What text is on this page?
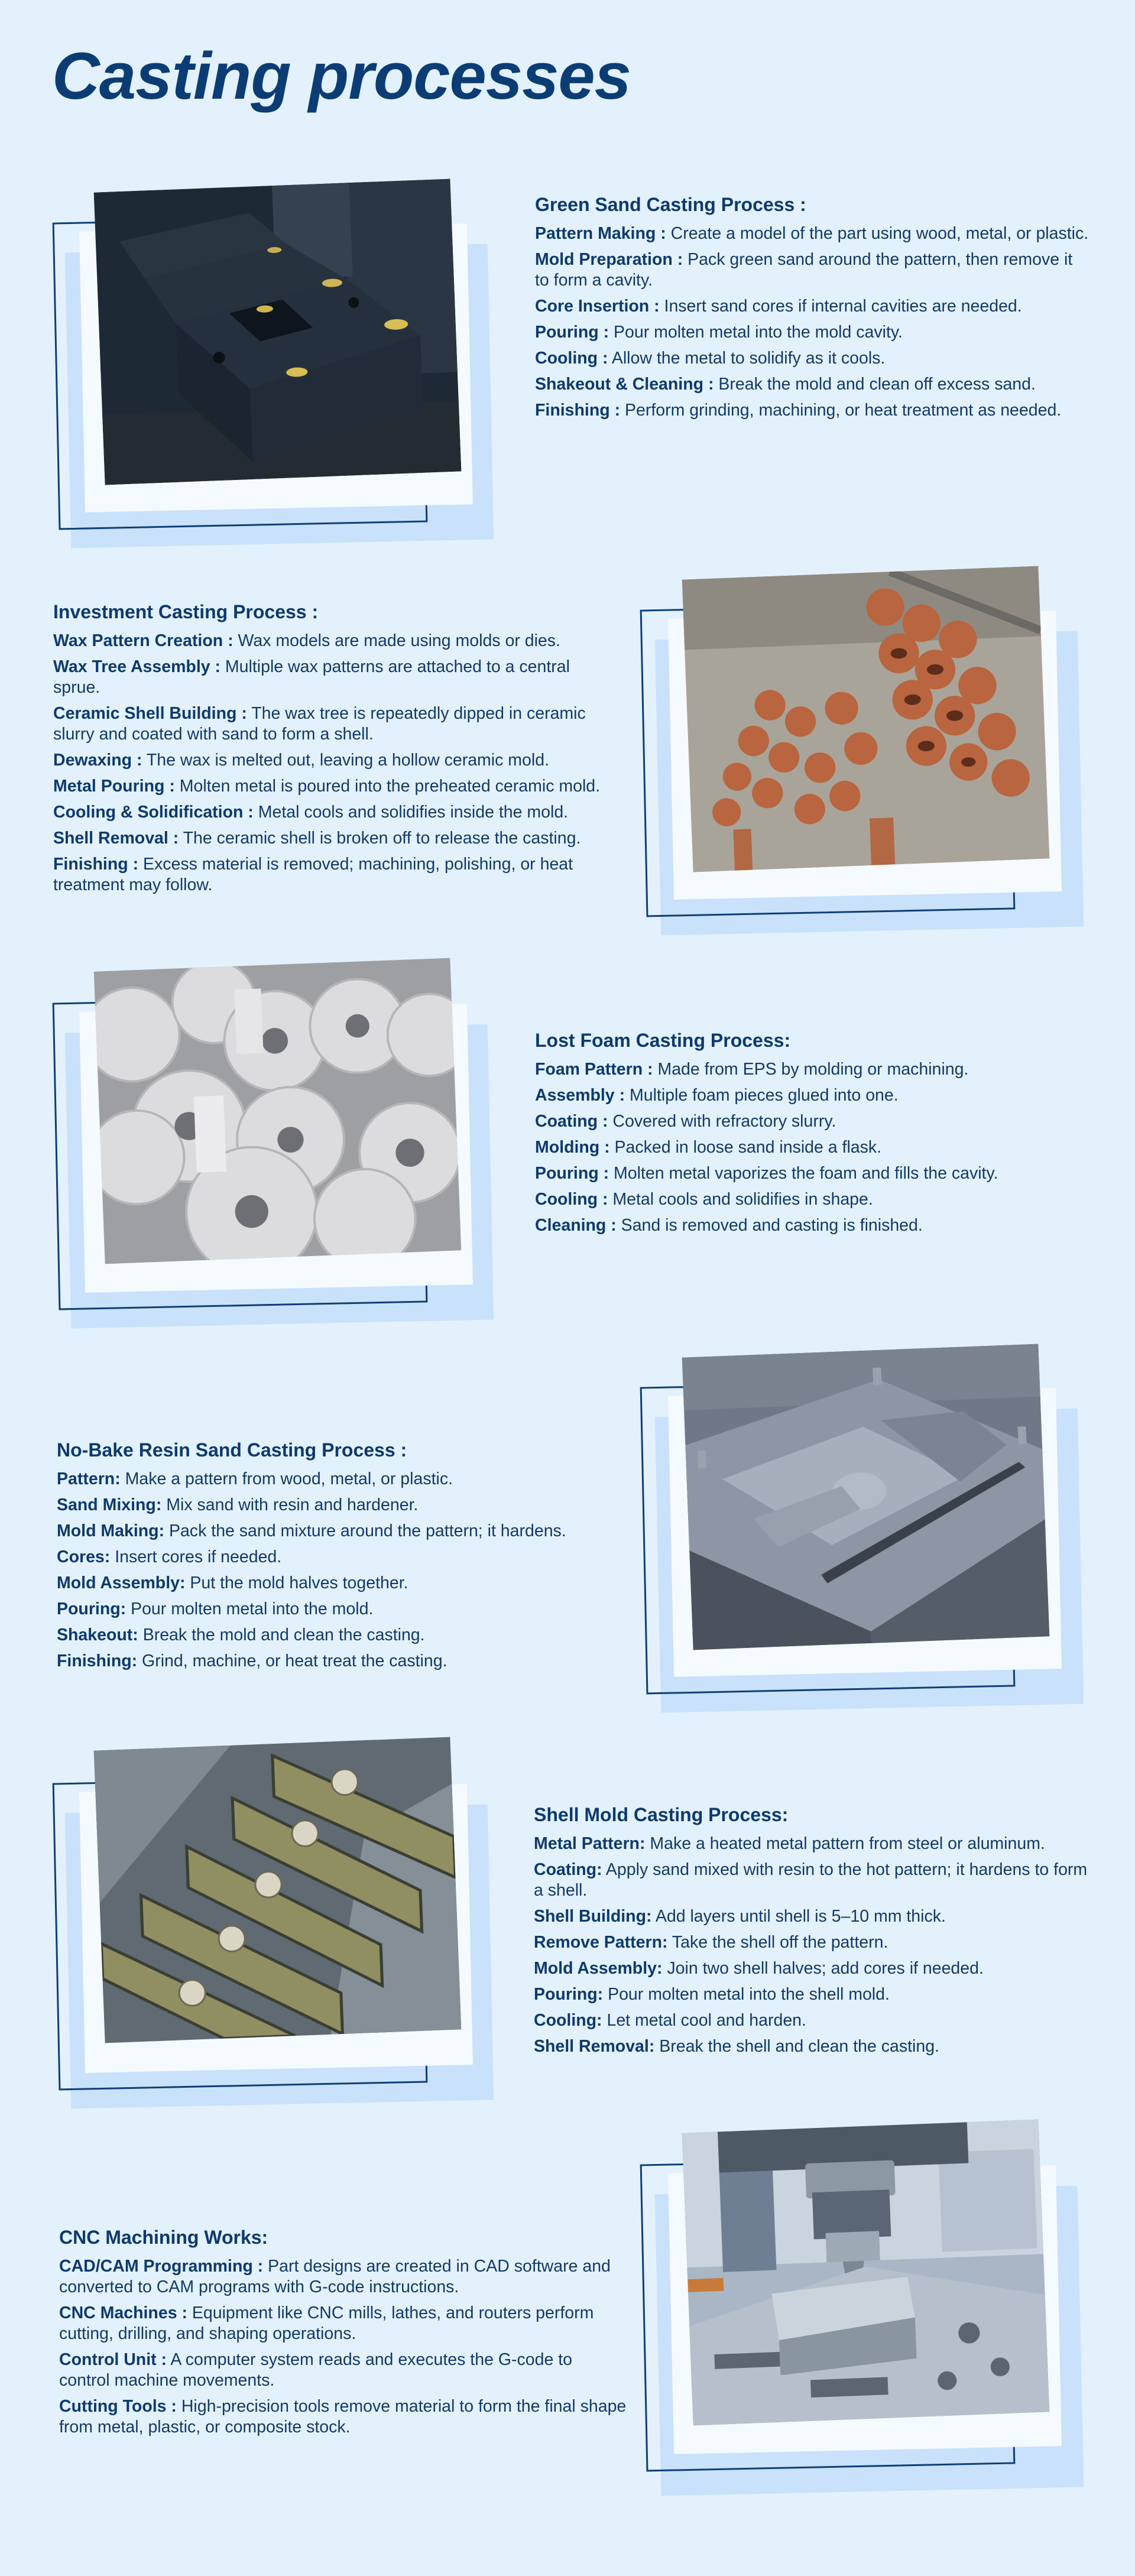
Casting processes
Green Sand Casting Process :

Pattern Making : Create a model of the part using wood, metal, or plastic.

Mold Preparation : Pack green sand around the pattern, then remove it to form a cavity.

Core Insertion : Insert sand cores if internal cavities are needed.

Pouring : Pour molten metal into the mold cavity.

Cooling : Allow the metal to solidify as it cools.

Shakeout & Cleaning : Break the mold and clean off excess sand.

Finishing : Perform grinding, machining, or heat treatment as needed.

Investment Casting Process :

Wax Pattern Creation : Wax models are made using molds or dies.

Wax Tree Assembly : Multiple wax patterns are attached to a central sprue.

Ceramic Shell Building : The wax tree is repeatedly dipped in ceramic slurry and coated with sand to form a shell.

Dewaxing : The wax is melted out, leaving a hollow ceramic mold.

Metal Pouring : Molten metal is poured into the preheated ceramic mold.

Cooling & Solidification : Metal cools and solidifies inside the mold.

Shell Removal : The ceramic shell is broken off to release the casting.

Finishing : Excess material is removed; machining, polishing, or heat treatment may follow.

Lost Foam Casting Process:

Foam Pattern : Made from EPS by molding or machining.

Assembly : Multiple foam pieces glued into one.

Coating : Covered with refractory slurry.

Molding : Packed in loose sand inside a flask.

Pouring : Molten metal vaporizes the foam and fills the cavity.

Cooling : Metal cools and solidifies in shape.

Cleaning : Sand is removed and casting is finished.

No-Bake Resin Sand Casting Process :

Pattern: Make a pattern from wood, metal, or plastic.

Sand Mixing: Mix sand with resin and hardener.

Mold Making: Pack the sand mixture around the pattern; it hardens.

Cores: Insert cores if needed.

Mold Assembly: Put the mold halves together.

Pouring: Pour molten metal into the mold.

Shakeout: Break the mold and clean the casting.

Finishing: Grind, machine, or heat treat the casting.

Shell Mold Casting Process:

Metal Pattern: Make a heated metal pattern from steel or aluminum.

Coating: Apply sand mixed with resin to the hot pattern; it hardens to form a shell.

Shell Building: Add layers until shell is 5–10 mm thick.

Remove Pattern: Take the shell off the pattern.

Mold Assembly: Join two shell halves; add cores if needed.

Pouring: Pour molten metal into the shell mold.

Cooling: Let metal cool and harden.

Shell Removal: Break the shell and clean the casting.

CNC Machining Works:

CAD/CAM Programming : Part designs are created in CAD software and converted to CAM programs with G-code instructions.

CNC Machines : Equipment like CNC mills, lathes, and routers perform cutting, drilling, and shaping operations.

Control Unit : A computer system reads and executes the G-code to control machine movements.

Cutting Tools : High-precision tools remove material to form the final shape from metal, plastic, or composite stock.
